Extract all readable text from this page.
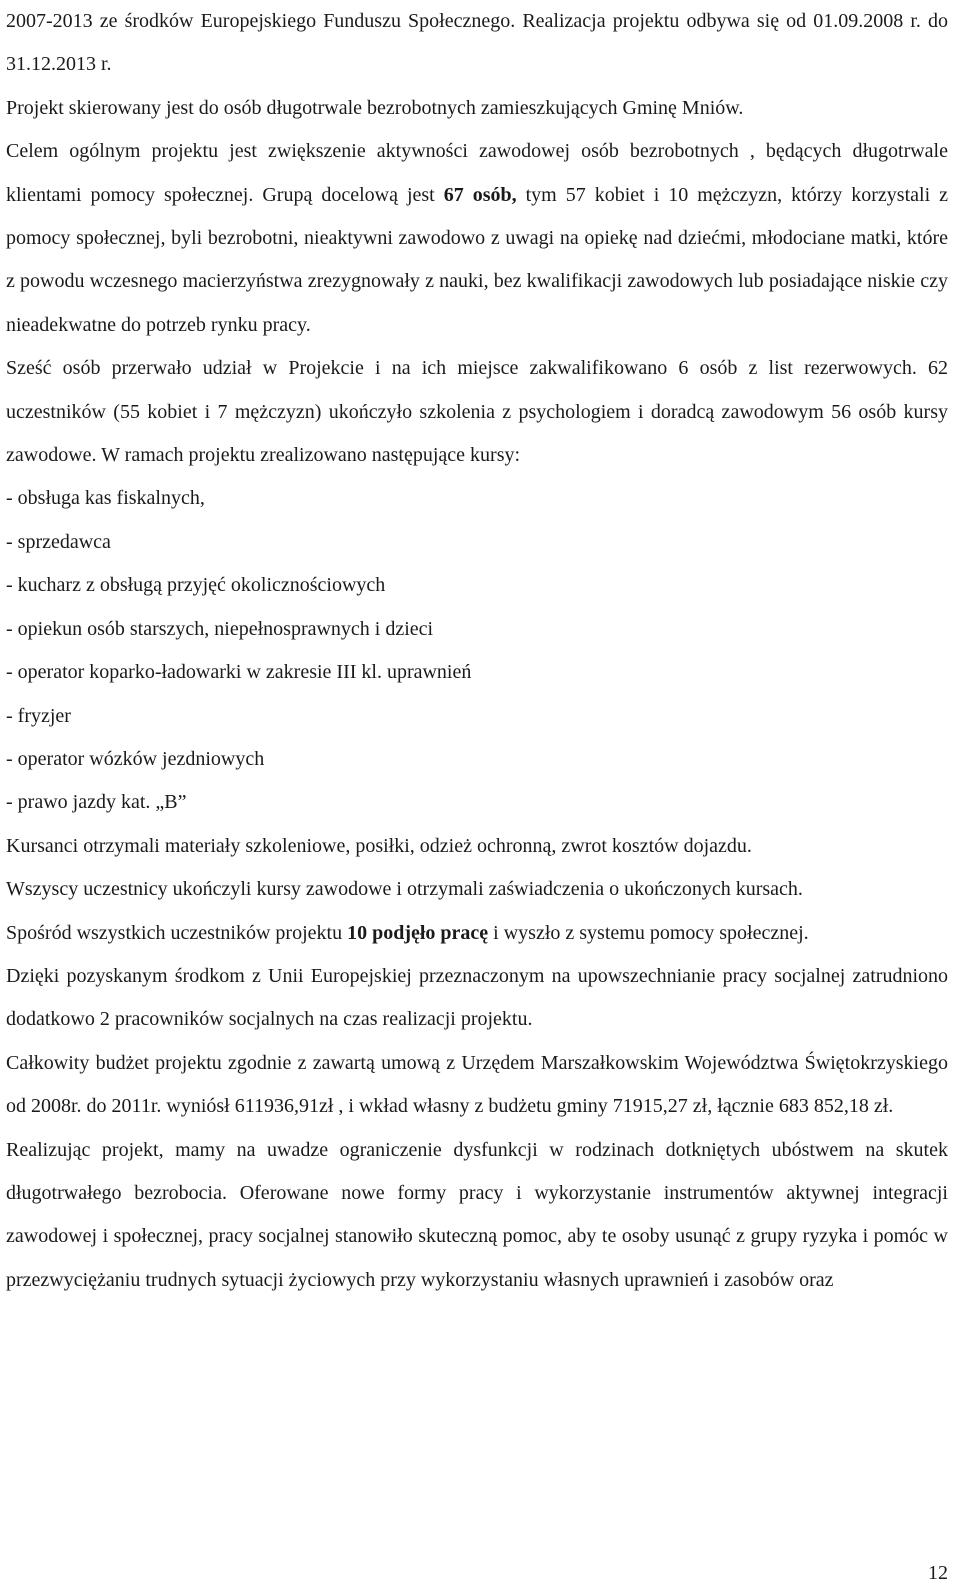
2007-2013 ze środków Europejskiego Funduszu Społecznego. Realizacja projektu odbywa się od 01.09.2008 r. do 31.12.2013 r.

Projekt skierowany jest do osób długotrwale bezrobotnych zamieszkujących Gminę Mniów.

Celem ogólnym projektu jest zwiększenie aktywności zawodowej osób bezrobotnych , będących długotrwale klientami pomocy społecznej. Grupą docelową jest 67 osób, tym 57 kobiet i 10 mężczyzn, którzy korzystali z pomocy społecznej, byli bezrobotni, nieaktywni zawodowo z uwagi na opiekę nad dziećmi, młodociane matki, które z powodu wczesnego macierzyństwa zrezygnowały z nauki, bez kwalifikacji zawodowych lub posiadające niskie czy nieadekwatne do potrzeb rynku pracy.

Sześć osób przerwało udział w Projekcie i na ich miejsce zakwalifikowano 6 osób z list rezerwowych. 62 uczestników (55 kobiet i 7 mężczyzn) ukończyło szkolenia z psychologiem i doradcą zawodowym 56 osób kursy zawodowe. W ramach projektu zrealizowano następujące kursy:

- obsługa kas fiskalnych,

- sprzedawca

- kucharz z obsługą przyjęć okolicznościowych

- opiekun osób starszych, niepełnosprawnych i dzieci

- operator koparko-ładowarki w zakresie III kl. uprawnień

- fryzjer

- operator wózków jezdniowych

- prawo jazdy kat. „B”

Kursanci otrzymali materiały szkoleniowe, posiłki, odzież ochronną, zwrot kosztów dojazdu.

Wszyscy uczestnicy ukończyli kursy zawodowe i otrzymali zaświadczenia o ukończonych kursach.

Spośród wszystkich uczestników projektu 10 podjęło pracę i wyszło z systemu pomocy społecznej.

Dzięki pozyskanym środkom z Unii Europejskiej przeznaczonym na upowszechnianie pracy socjalnej zatrudniono dodatkowo 2 pracowników socjalnych na czas realizacji projektu.

Całkowity budżet projektu zgodnie z zawartą umową z Urzędem Marszałkowskim Województwa Świętokrzyskiego od 2008r. do 2011r. wyniósł 611936,91zł , i wkład własny z budżetu gminy 71915,27 zł, łącznie 683 852,18 zł.

Realizując projekt, mamy na uwadze ograniczenie dysfunkcji w rodzinach dotkniętych ubóstwem na skutek długotrwałego bezrobocia. Oferowane nowe formy pracy i wykorzystanie instrumentów aktywnej integracji zawodowej i społecznej, pracy socjalnej stanowiło skuteczną pomoc, aby te osoby usunąć z grupy ryzyka i pomóc w przezwyciężaniu trudnych sytuacji życiowych przy wykorzystaniu własnych uprawnień i zasobów oraz

12
